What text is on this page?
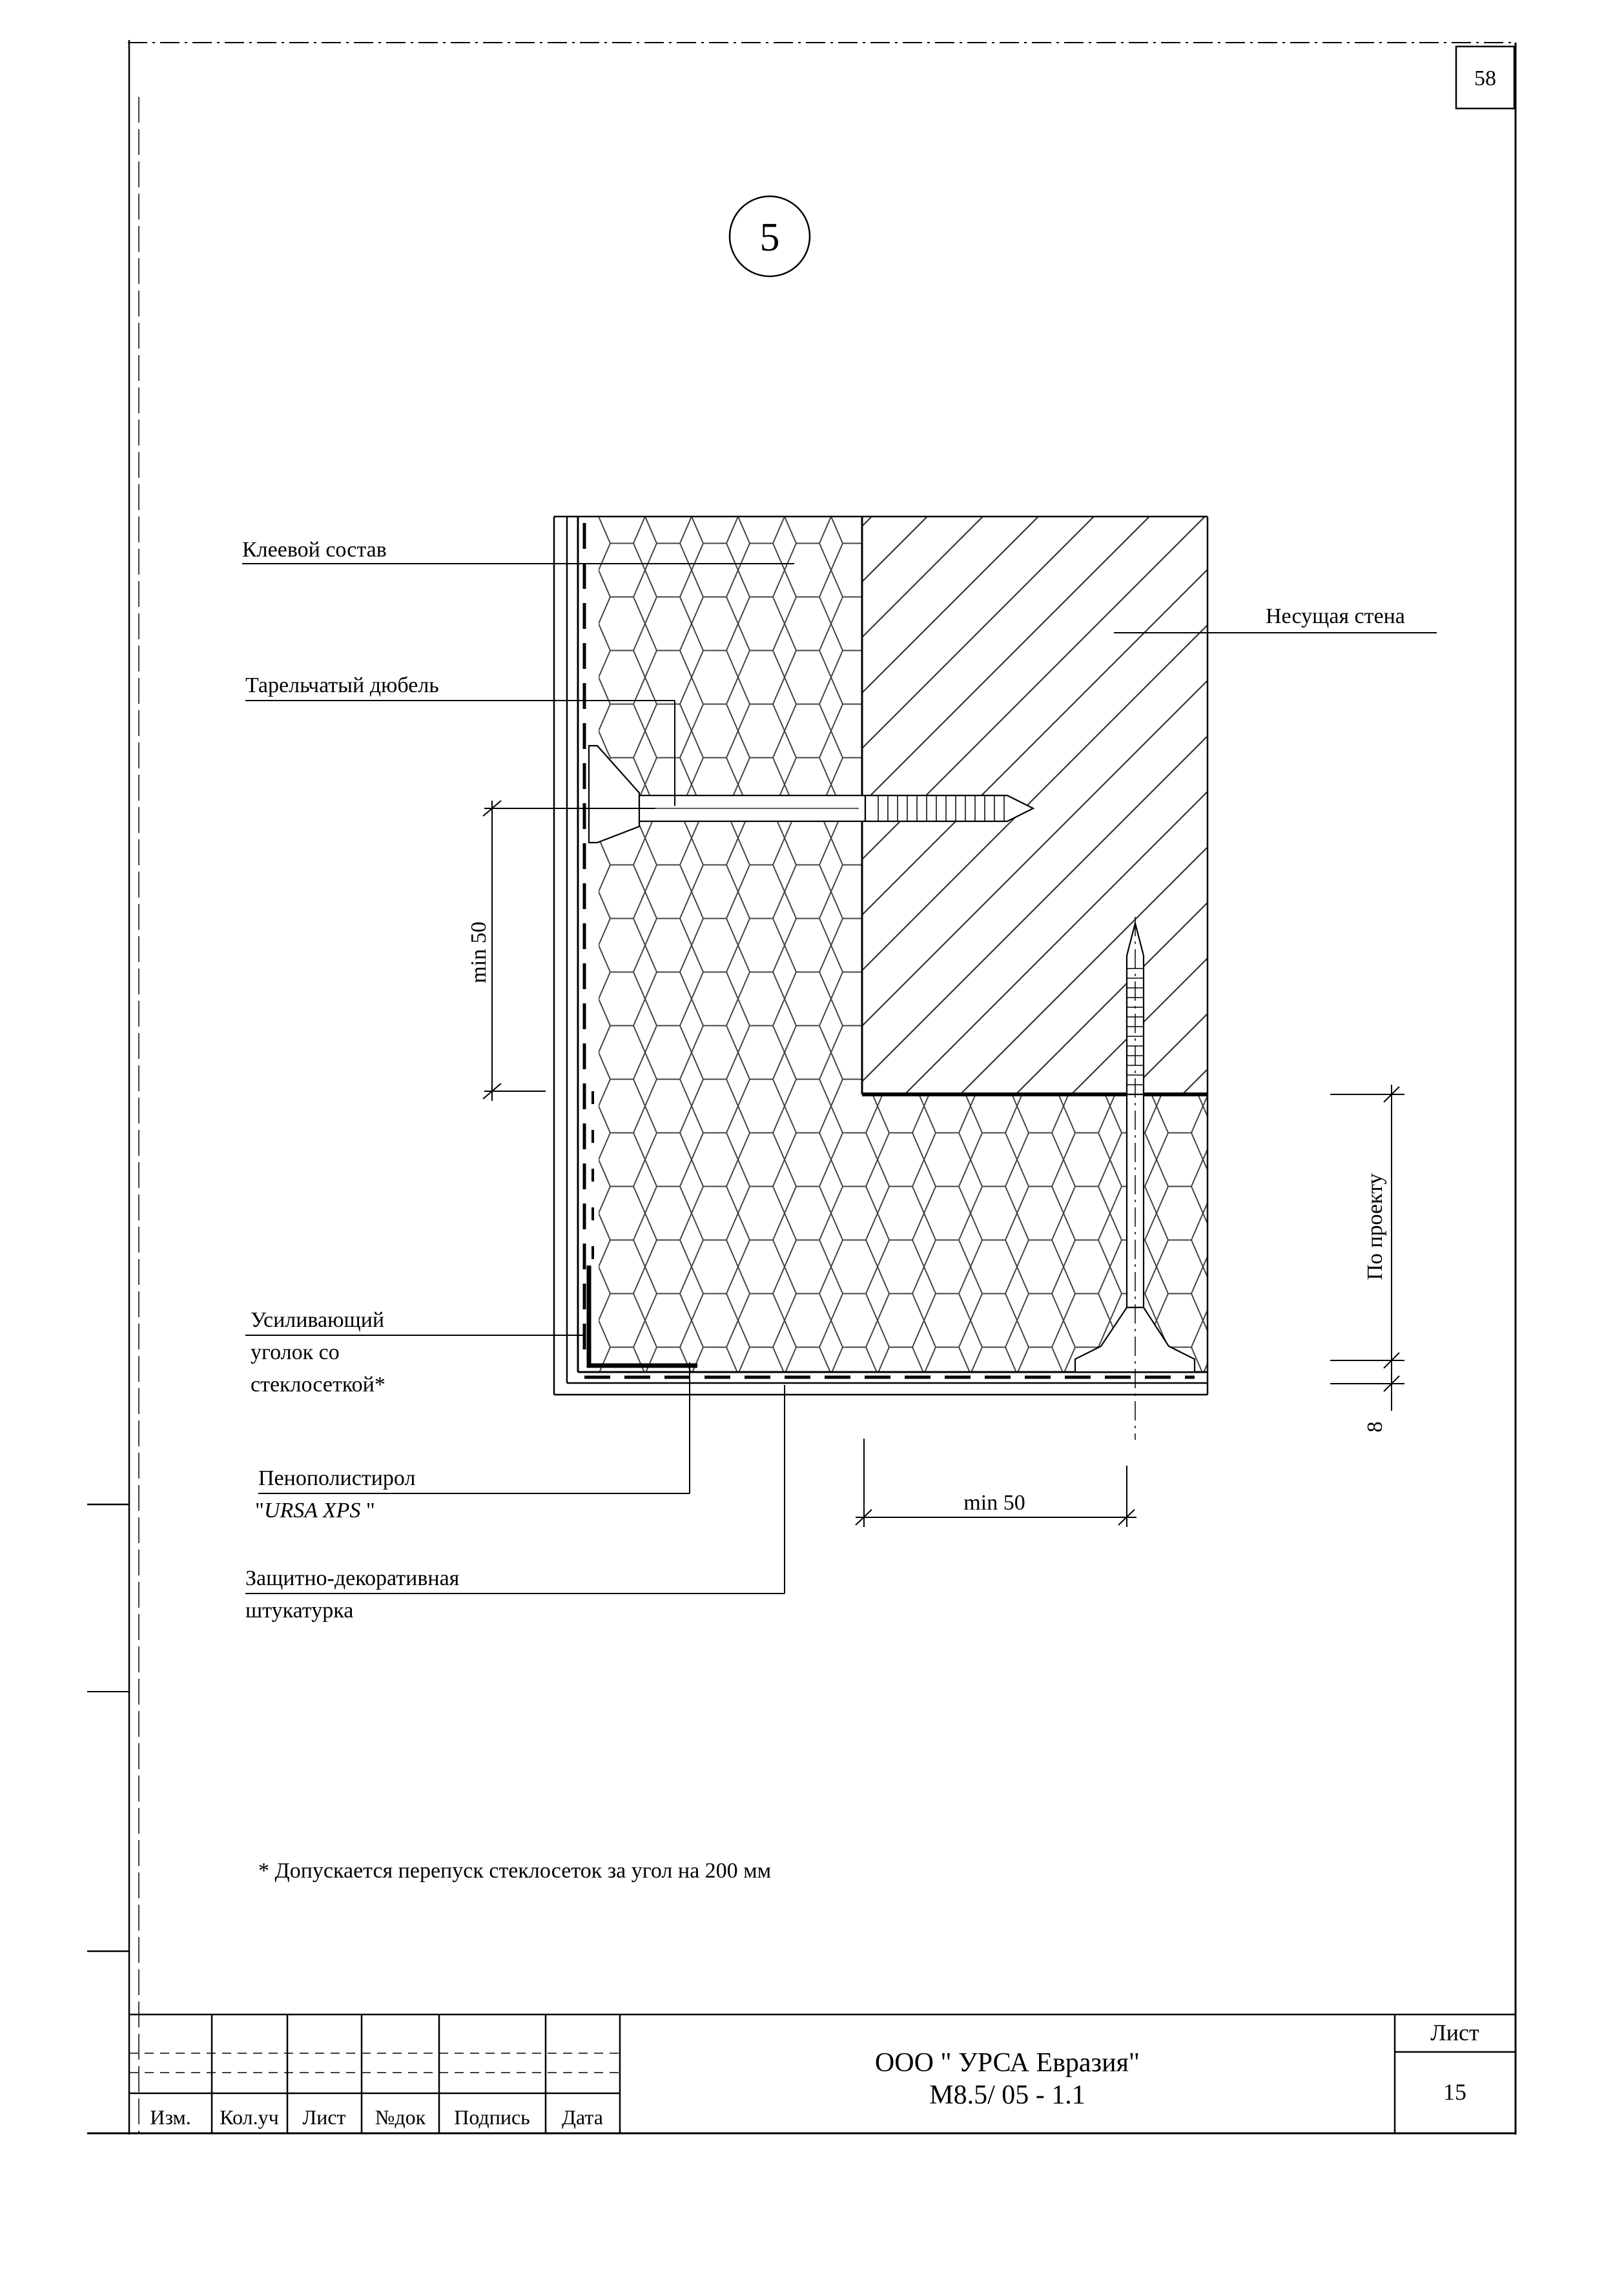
58
5
Клеевой состав
Несущая стена
Тарельчатый дюбель
Усиливающий
уголок со
стеклосеткой*
Пенополистирол
"URSA XPS "
Защитно-декоративная
штукатурка
min 50
min 50
По проекту
8
* Допускается перепуск стеклосеток за угол на 200 мм
Изм. Кол.уч Лист №док Подпись Дата
ООО " УРСА Евразия"
М8.5/ 05 - 1.1
Лист
15
